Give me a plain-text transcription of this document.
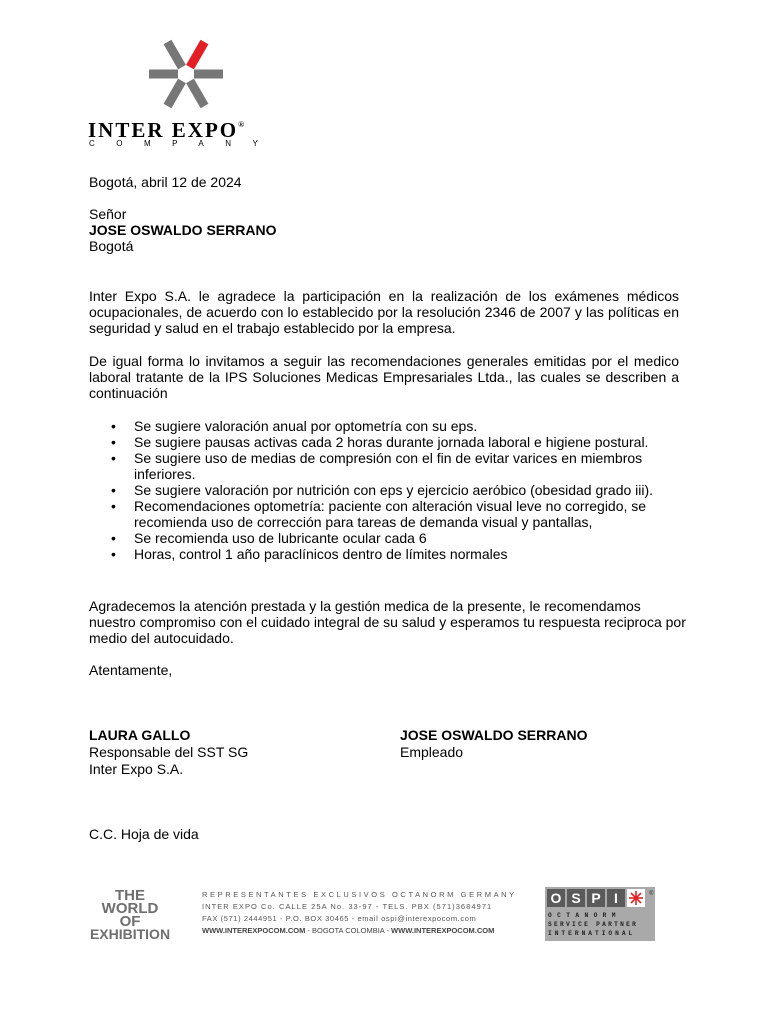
INTER EXPO®
COMPANY
Bogotá, abril 12 de 2024
Señor
JOSE OSWALDO SERRANO
Bogotá
Inter Expo S.A. le agradece la participación en la realización de los exámenes médicos ocupacionales, de acuerdo con lo establecido por la resolución 2346 de 2007 y las políticas en seguridad y salud en el trabajo establecido por la empresa.
De igual forma lo invitamos a seguir las recomendaciones generales emitidas por el medico laboral tratante de la IPS Soluciones Medicas Empresariales Ltda., las cuales se describen a continuación
• Se sugiere valoración anual por optometría con su eps.
• Se sugiere pausas activas cada 2 horas durante jornada laboral e higiene postural.
• Se sugiere uso de medias de compresión con el fin de evitar varices en miembros inferiores.
• Se sugiere valoración por nutrición con eps y ejercicio aeróbico (obesidad grado iii).
• Recomendaciones optometría: paciente con alteración visual leve no corregido, se recomienda uso de corrección para tareas de demanda visual y pantallas,
• Se recomienda uso de lubricante ocular cada 6
• Horas, control 1 año paraclínicos dentro de límites normales
Agradecemos la atención prestada y la gestión medica de la presente, le recomendamos nuestro compromiso con el cuidado integral de su salud y esperamos tu respuesta reciproca por medio del autocuidado.
Atentamente,
LAURA GALLO
Responsable del SST SG
Inter Expo S.A.
JOSE OSWALDO SERRANO
Empleado
C.C. Hoja de vida
THE
WORLD
OF
EXHIBITION
REPRESENTANTES EXCLUSIVOS OCTANORM GERMANY
INTER EXPO Co. CALLE 25A No. 33-97 - TELS. PBX (571)3684971
FAX (571) 2444951 - P.O. BOX 30465 - email ospi@interexpocom.com
WWW.INTEREXPOCOM.COM - BOGOTA COLOMBIA - WWW.INTEREXPOCOM.COM
O S P I	®
OCTANORM
SERVICE PARTNER
INTERNATIONAL
